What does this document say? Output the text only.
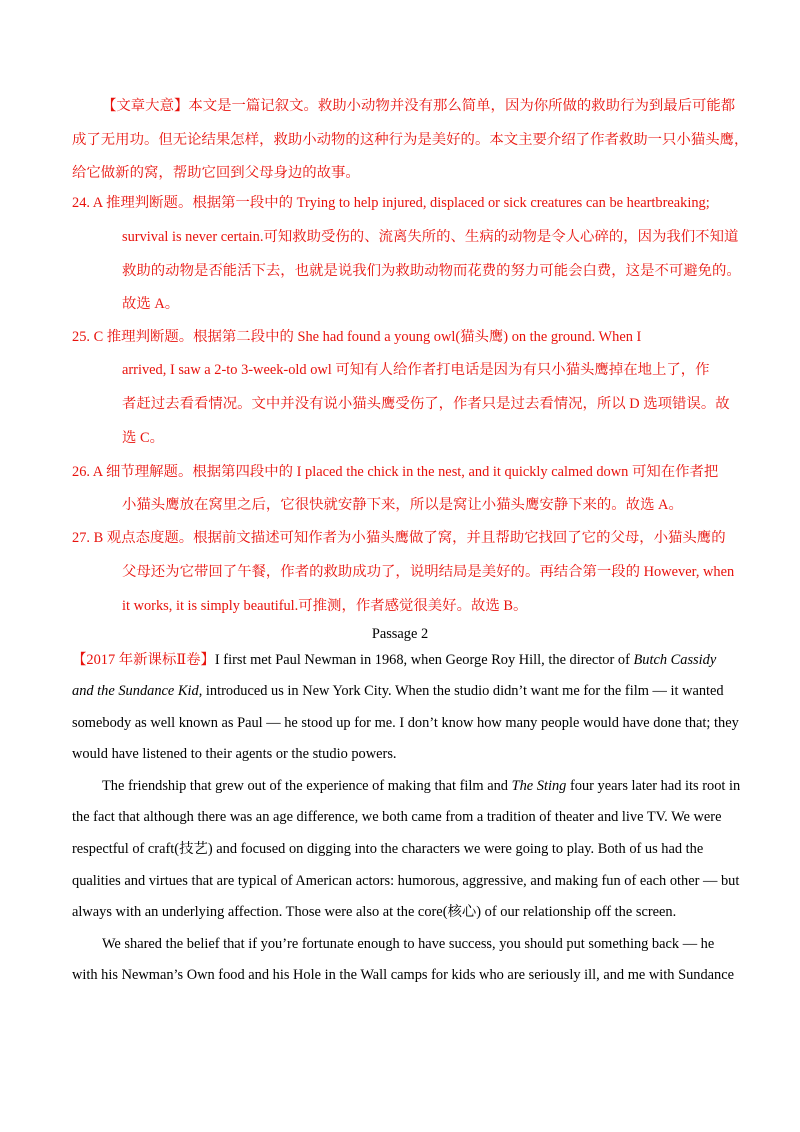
【文章大意】本文是一篇记叙文。救助小动物并没有那么简单，因为你所做的救助行为到最后可能都
成了无用功。但无论结果怎样，救助小动物的这种行为是美好的。本文主要介绍了作者救助一只小猫头鹰，
给它做新的窝，帮助它回到父母身边的故事。
24. A 推理判断题。根据第一段中的 Trying to help injured, displaced or sick creatures can be heartbreaking;
survival is never certain.可知救助受伤的、流离失所的、生病的动物是令人心碎的，因为我们不知道
救助的动物是否能活下去，也就是说我们为救助动物而花费的努力可能会白费，这是不可避免的。
故选 A。
25. C 推理判断题。根据第二段中的 She had found a young owl(猫头鹰) on the ground. When I
arrived, I saw a 2-to 3-week-old owl 可知有人给作者打电话是因为有只小猫头鹰掉在地上了，作
者赶过去看看情况。文中并没有说小猫头鹰受伤了，作者只是过去看情况，所以 D 选项错误。故
选 C。
26. A 细节理解题。根据第四段中的 I placed the chick in the nest, and it quickly calmed down 可知在作者把
小猫头鹰放在窝里之后，它很快就安静下来，所以是窝让小猫头鹰安静下来的。故选 A。
27. B 观点态度题。根据前文描述可知作者为小猫头鹰做了窝，并且帮助它找回了它的父母，小猫头鹰的
父母还为它带回了午餐，作者的救助成功了，说明结局是美好的。再结合第一段的 However, when
it works, it is simply beautiful.可推测，作者感觉很美好。故选 B。
Passage 2
【2017 年新课标Ⅱ卷】I first met Paul Newman in 1968, when George Roy Hill, the director of Butch Cassidy
and the Sundance Kid, introduced us in New York City. When the studio didn’t want me for the film — it wanted
somebody as well known as Paul — he stood up for me. I don’t know how many people would have done that; they
would have listened to their agents or the studio powers.
The friendship that grew out of the experience of making that film and The Sting four years later had its root in
the fact that although there was an age difference, we both came from a tradition of theater and live TV. We were
respectful of craft(技艺) and focused on digging into the characters we were going to play. Both of us had the
qualities and virtues that are typical of American actors: humorous, aggressive, and making fun of each other — but
always with an underlying affection. Those were also at the core(核心) of our relationship off the screen.
We shared the belief that if you’re fortunate enough to have success, you should put something back — he
with his Newman’s Own food and his Hole in the Wall camps for kids who are seriously ill, and me with Sundance
